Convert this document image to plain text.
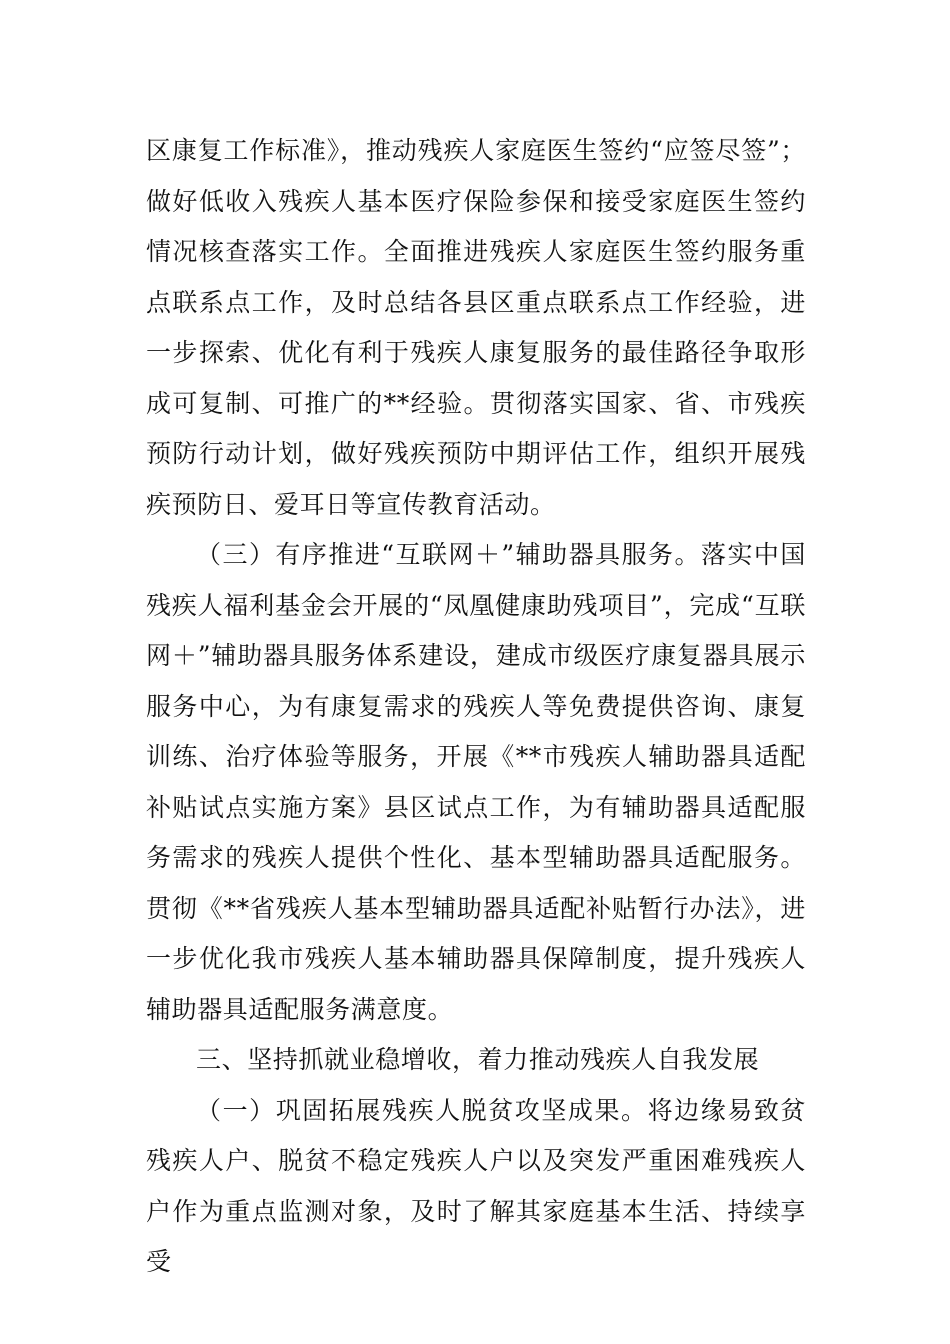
区康复工作标准》，推动残疾人家庭医生签约“应签尽签”；做好低收入残疾人基本医疗保险参保和接受家庭医生签约情况核查落实工作。全面推进残疾人家庭医生签约服务重点联系点工作，及时总结各县区重点联系点工作经验，进一步探索、优化有利于残疾人康复服务的最佳路径争取形成可复制、可推广的**经验。贯彻落实国家、省、市残疾预防行动计划，做好残疾预防中期评估工作，组织开展残疾预防日、爱耳日等宣传教育活动。

（三）有序推进“互联网＋”辅助器具服务。落实中国残疾人福利基金会开展的“凤凰健康助残项目”，完成“互联网＋”辅助器具服务体系建设，建成市级医疗康复器具展示服务中心，为有康复需求的残疾人等免费提供咨询、康复训练、治疗体验等服务，开展《**市残疾人辅助器具适配补贴试点实施方案》县区试点工作，为有辅助器具适配服务需求的残疾人提供个性化、基本型辅助器具适配服务。贯彻《**省残疾人基本型辅助器具适配补贴暂行办法》，进一步优化我市残疾人基本辅助器具保障制度，提升残疾人辅助器具适配服务满意度。

三、坚持抓就业稳增收，着力推动残疾人自我发展

（一）巩固拓展残疾人脱贫攻坚成果。将边缘易致贫残疾人户、脱贫不稳定残疾人户以及突发严重困难残疾人户作为重点监测对象，及时了解其家庭基本生活、持续享受
